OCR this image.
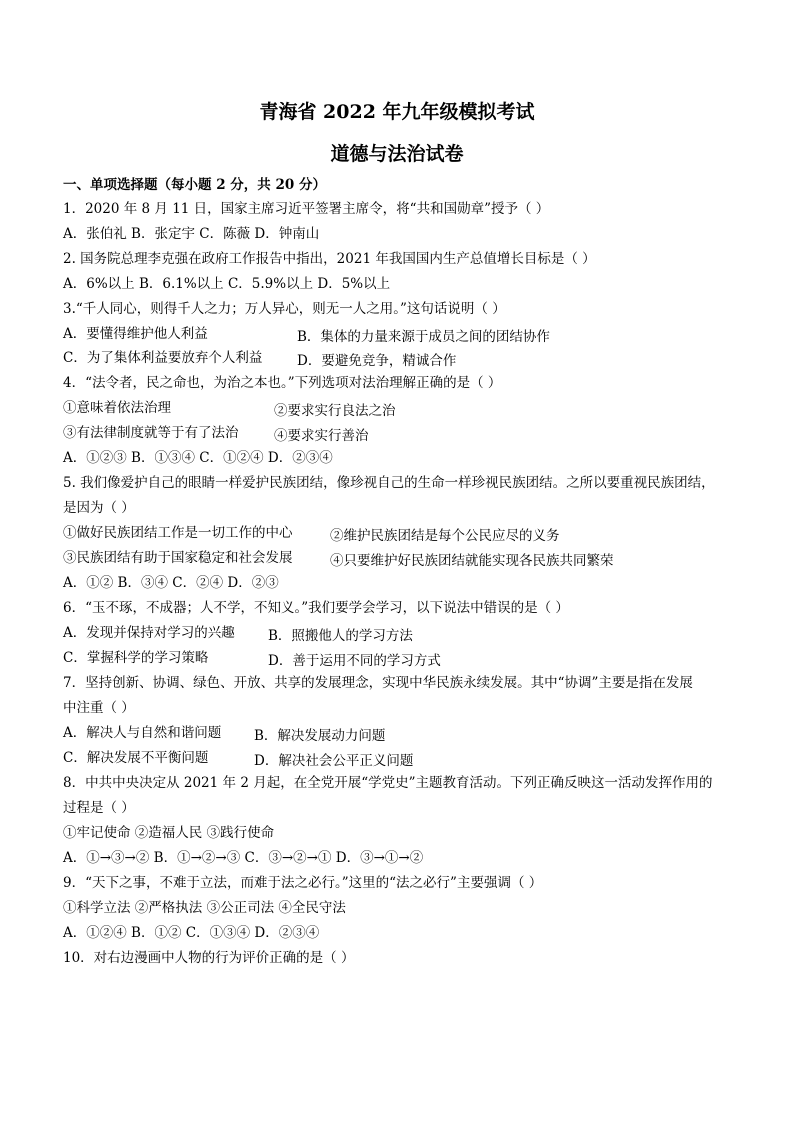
青海省 2022 年九年级模拟考试
道德与法治试卷
一、单项选择题（每小题 2 分，共 20 分）
1．2020 年 8 月 11 日，国家主席习近平签署主席令，将“共和国勋章”授予（ ）
A．张伯礼 B．张定宇 C．陈薇 D．钟南山
2. 国务院总理李克强在政府工作报告中指出，2021 年我国国内生产总值增长目标是（ ）
A．6%以上 B．6.1%以上 C．5.9%以上 D．5%以上
3.“千人同心，则得千人之力；万人异心，则无一人之用。”这句话说明（ ）
A．要懂得维护他人利益	B．集体的力量来源于成员之间的团结协作
C．为了集体利益要放弃个人利益	D．要避免竞争，精诚合作
4．“法令者，民之命也，为治之本也。”下列选项对法治理解正确的是（ ）
①意味着依法治理	②要求实行良法之治
③有法律制度就等于有了法治	④要求实行善治
A．①②③ B．①③④ C．①②④ D．②③④
5. 我们像爱护自己的眼睛一样爱护民族团结，像珍视自己的生命一样珍视民族团结。之所以要重视民族团结，
是因为（ ）
①做好民族团结工作是一切工作的中心	②维护民族团结是每个公民应尽的义务
③民族团结有助于国家稳定和社会发展	④只要维护好民族团结就能实现各民族共同繁荣
A．①② B．③④ C．②④ D．②③
6．“玉不琢，不成器；人不学，不知义。”我们要学会学习，以下说法中错误的是（ ）
A．发现并保持对学习的兴趣 B．照搬他人的学习方法
C．掌握科学的学习策略	D．善于运用不同的学习方式
7．坚持创新、协调、绿色、开放、共享的发展理念，实现中华民族永续发展。其中“协调”主要是指在发展
中注重（ ）
A．解决人与自然和谐问题 B．解决发展动力问题
C．解决发展不平衡问题	D．解决社会公平正义问题
8．中共中央决定从 2021 年 2 月起，在全党开展“学党史”主题教育活动。下列正确反映这一活动发挥作用的
过程是（ ）
①牢记使命 ②造福人民 ③践行使命
A．①→③→② B．①→②→③ C．③→②→① D．③→①→②
9．“天下之事，不难于立法，而难于法之必行。”这里的“法之必行”主要强调（ ）
①科学立法 ②严格执法 ③公正司法 ④全民守法
A．①②④ B．①② C．①③④ D．②③④
10．对右边漫画中人物的行为评价正确的是（ ）
